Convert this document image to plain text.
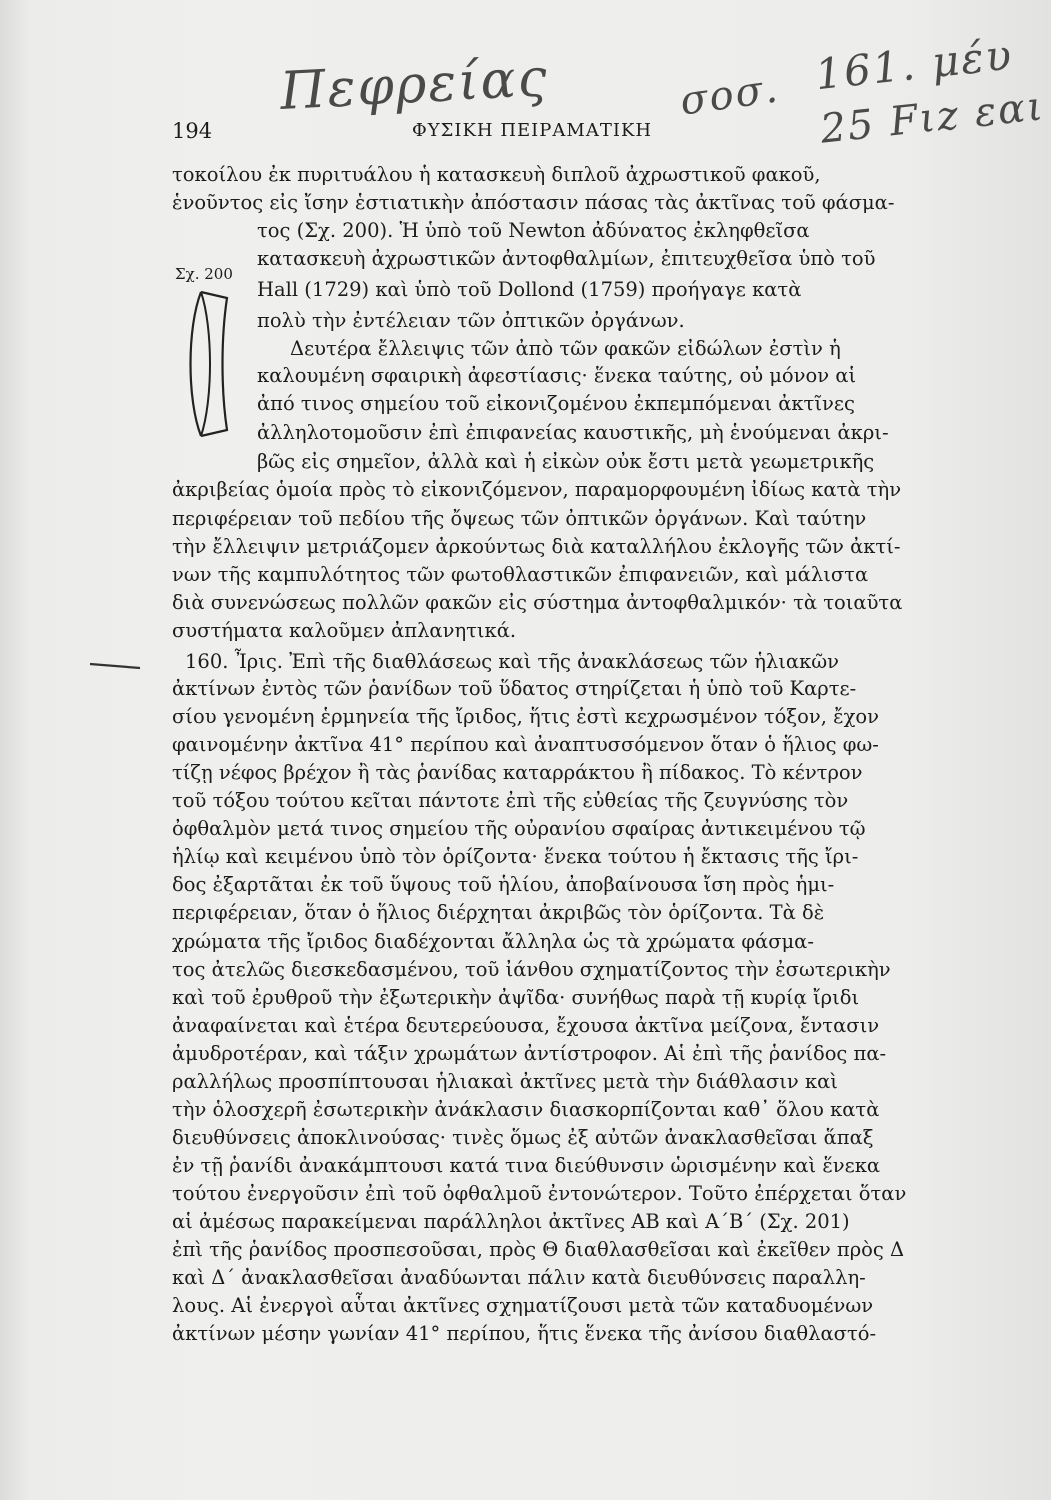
Πεφρείας	σοσ. 161. μέυ
25 Fιz εαι
194	ΦΥΣΙΚΗ ΠΕΙΡΑΜΑΤΙΚΗ
Σχ. 200
τοκοίλου ἐκ πυριτυάλου ἡ κατασκευὴ διπλοῦ ἀχρωστικοῦ φακοῦ,
ἑνοῦντος εἰς ἴσην ἑστιατικὴν ἀπόστασιν πάσας τὰς ἀκτῖνας τοῦ φάσμα-
τος (Σχ. 200). Ἡ ὑπὸ τοῦ Newton ἀδύνατος ἐκληφθεῖσα
κατασκευὴ ἀχρωστικῶν ἀντοφθαλμίων, ἐπιτευχθεῖσα ὑπὸ τοῦ
Hall (1729) καὶ ὑπὸ τοῦ Dollond (1759) προήγαγε κατὰ
πολὺ τὴν ἐντέλειαν τῶν ὀπτικῶν ὀργάνων.
Δευτέρα ἔλλειψις τῶν ἀπὸ τῶν φακῶν εἰδώλων ἐστὶν ἡ
καλουμένη σφαιρικὴ ἀφεστίασις· ἕνεκα ταύτης, οὐ μόνον αἱ
ἀπό τινος σημείου τοῦ εἰκονιζομένου ἐκπεμπόμεναι ἀκτῖνες
ἀλληλοτομοῦσιν ἐπὶ ἐπιφανείας καυστικῆς, μὴ ἑνούμεναι ἀκρι-
βῶς εἰς σημεῖον, ἀλλὰ καὶ ἡ εἰκὼν οὐκ ἔστι μετὰ γεωμετρικῆς
ἀκριβείας ὁμοία πρὸς τὸ εἰκονιζόμενον, παραμορφουμένη ἰδίως κατὰ τὴν
περιφέρειαν τοῦ πεδίου τῆς ὄψεως τῶν ὀπτικῶν ὀργάνων. Καὶ ταύτην
τὴν ἔλλειψιν μετριάζομεν ἀρκούντως διὰ καταλλήλου ἐκλογῆς τῶν ἀκτί-
νων τῆς καμπυλότητος τῶν φωτοθλαστικῶν ἐπιφανειῶν, καὶ μάλιστα
διὰ συνενώσεως πολλῶν φακῶν εἰς σύστημα ἀντοφθαλμικόν· τὰ τοιαῦτα
συστήματα καλοῦμεν ἀπλανητικά.
160. Ἶρις. Ἐπὶ τῆς διαθλάσεως καὶ τῆς ἀνακλάσεως τῶν ἡλιακῶν
ἀκτίνων ἐντὸς τῶν ῥανίδων τοῦ ὕδατος στηρίζεται ἡ ὑπὸ τοῦ Καρτε-
σίου γενομένη ἑρμηνεία τῆς ἴριδος, ἥτις ἐστὶ κεχρωσμένον τόξον, ἔχον
φαινομένην ἀκτῖνα 41° περίπου καὶ ἀναπτυσσόμενον ὅταν ὁ ἥλιος φω-
τίζῃ νέφος βρέχον ἢ τὰς ῥανίδας καταρράκτου ἢ πίδακος. Τὸ κέντρον
τοῦ τόξου τούτου κεῖται πάντοτε ἐπὶ τῆς εὐθείας τῆς ζευγνύσης τὸν
ὀφθαλμὸν μετά τινος σημείου τῆς οὐρανίου σφαίρας ἀντικειμένου τῷ
ἡλίῳ καὶ κειμένου ὑπὸ τὸν ὁρίζοντα· ἕνεκα τούτου ἡ ἔκτασις τῆς ἴρι-
δος ἐξαρτᾶται ἐκ τοῦ ὕψους τοῦ ἡλίου, ἀποβαίνουσα ἴση πρὸς ἡμι-
περιφέρειαν, ὅταν ὁ ἥλιος διέρχηται ἀκριβῶς τὸν ὁρίζοντα. Τὰ δὲ
χρώματα τῆς ἴριδος διαδέχονται ἄλληλα ὡς τὰ χρώματα φάσμα-
τος ἀτελῶς διεσκεδασμένου, τοῦ ἰάνθου σχηματίζοντος τὴν ἐσωτερικὴν
καὶ τοῦ ἐρυθροῦ τὴν ἐξωτερικὴν ἀψῖδα· συνήθως παρὰ τῇ κυρίᾳ ἴριδι
ἀναφαίνεται καὶ ἑτέρα δευτερεύουσα, ἔχουσα ἀκτῖνα μείζονα, ἔντασιν
ἀμυδροτέραν, καὶ τάξιν χρωμάτων ἀντίστροφον. Αἱ ἐπὶ τῆς ῥανίδος πα-
ραλλήλως προσπίπτουσαι ἡλιακαὶ ἀκτῖνες μετὰ τὴν διάθλασιν καὶ
τὴν ὁλοσχερῆ ἐσωτερικὴν ἀνάκλασιν διασκορπίζονται καθ᾽ ὅλου κατὰ
διευθύνσεις ἀποκλινούσας· τινὲς ὅμως ἐξ αὐτῶν ἀνακλασθεῖσαι ἅπαξ
ἐν τῇ ῥανίδι ἀνακάμπτουσι κατά τινα διεύθυνσιν ὡρισμένην καὶ ἕνεκα
τούτου ἐνεργοῦσιν ἐπὶ τοῦ ὀφθαλμοῦ ἐντονώτερον. Τοῦτο ἐπέρχεται ὅταν
αἱ ἀμέσως παρακείμεναι παράλληλοι ἀκτῖνες ΑΒ καὶ Α΄Β΄ (Σχ. 201)
ἐπὶ τῆς ῥανίδος προσπεσοῦσαι, πρὸς Θ διαθλασθεῖσαι καὶ ἐκεῖθεν πρὸς Δ
καὶ Δ΄ ἀνακλασθεῖσαι ἀναδύωνται πάλιν κατὰ διευθύνσεις παραλλη-
λους. Αἱ ἐνεργοὶ αὗται ἀκτῖνες σχηματίζουσι μετὰ τῶν καταδυομένων
ἀκτίνων μέσην γωνίαν 41° περίπου, ἥτις ἕνεκα τῆς ἀνίσου διαθλαστό-
